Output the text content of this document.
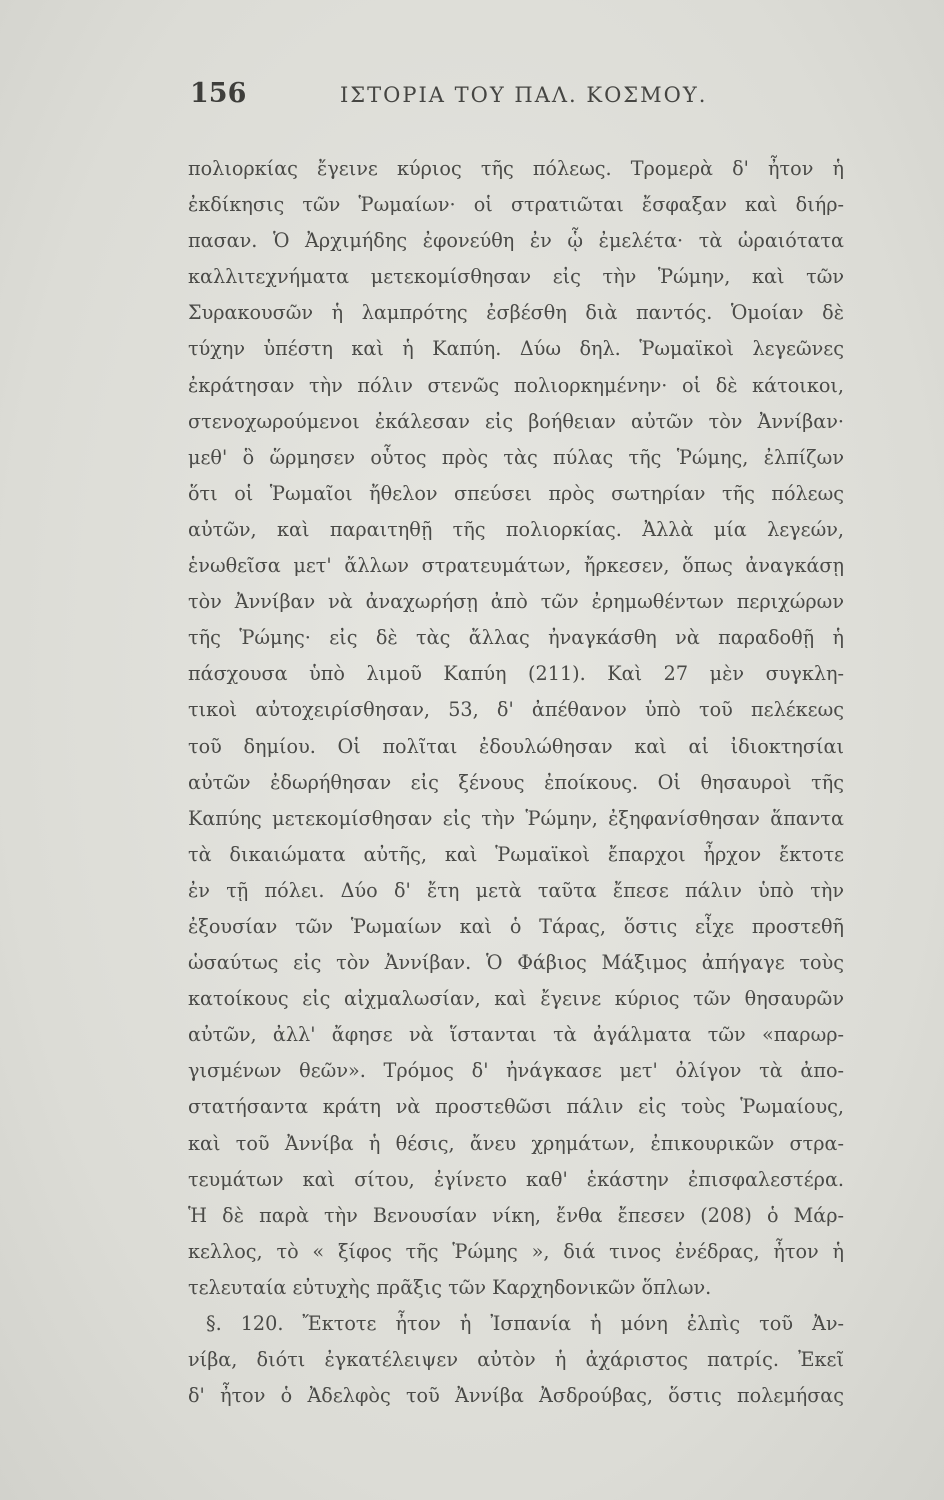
156	ΙΣΤΟΡΙΑ ΤΟΥ ΠΑΛ. ΚΟΣΜΟΥ.
πολιορκίας ἔγεινε κύριος τῆς πόλεως. Τρομερὰ δ' ἦτον ἡ
ἐκδίκησις τῶν Ῥωμαίων· οἱ στρατιῶται ἔσφαξαν καὶ διήρ-
πασαν. Ὁ Ἀρχιμήδης ἐφονεύθη ἐν ᾧ ἐμελέτα· τὰ ὡραιότατα
καλλιτεχνήματα μετεκομίσθησαν εἰς τὴν Ῥώμην, καὶ τῶν
Συρακουσῶν ἡ λαμπρότης ἐσβέσθη διὰ παντός. Ὁμοίαν δὲ
τύχην ὑπέστη καὶ ἡ Καπύη. Δύω δηλ. Ῥωμαϊκοὶ λεγεῶνες
ἐκράτησαν τὴν πόλιν στενῶς πολιορκημένην· οἱ δὲ κάτοικοι,
στενοχωρούμενοι ἐκάλεσαν εἰς βοήθειαν αὐτῶν τὸν Ἀννίβαν·
μεθ' ὃ ὥρμησεν οὗτος πρὸς τὰς πύλας τῆς Ῥώμης, ἐλπίζων
ὅτι οἱ Ῥωμαῖοι ἤθελον σπεύσει πρὸς σωτηρίαν τῆς πόλεως
αὐτῶν, καὶ παραιτηθῇ τῆς πολιορκίας. Ἀλλὰ μία λεγεών,
ἑνωθεῖσα μετ' ἄλλων στρατευμάτων, ἤρκεσεν, ὅπως ἀναγκάσῃ
τὸν Ἀννίβαν νὰ ἀναχωρήσῃ ἀπὸ τῶν ἐρημωθέντων περιχώρων
τῆς Ῥώμης· εἰς δὲ τὰς ἄλλας ἠναγκάσθη νὰ παραδοθῇ ἡ
πάσχουσα ὑπὸ λιμοῦ Καπύη (211). Καὶ 27 μὲν συγκλη-
τικοὶ αὐτοχειρίσθησαν, 53, δ' ἀπέθανον ὑπὸ τοῦ πελέκεως
τοῦ δημίου. Οἱ πολῖται ἐδουλώθησαν καὶ αἱ ἰδιοκτησίαι
αὐτῶν ἐδωρήθησαν εἰς ξένους ἐποίκους. Οἱ θησαυροὶ τῆς
Καπύης μετεκομίσθησαν εἰς τὴν Ῥώμην, ἐξηφανίσθησαν ἅπαντα
τὰ δικαιώματα αὐτῆς, καὶ Ῥωμαϊκοὶ ἔπαρχοι ἦρχον ἔκτοτε
ἐν τῇ πόλει. Δύο δ' ἔτη μετὰ ταῦτα ἔπεσε πάλιν ὑπὸ τὴν
ἐξουσίαν τῶν Ῥωμαίων καὶ ὁ Τάρας, ὅστις εἶχε προστεθῆ
ὡσαύτως εἰς τὸν Ἀννίβαν. Ὁ Φάβιος Μάξιμος ἀπήγαγε τοὺς
κατοίκους εἰς αἰχμαλωσίαν, καὶ ἔγεινε κύριος τῶν θησαυρῶν
αὐτῶν, ἀλλ' ἄφησε νὰ ἵστανται τὰ ἀγάλματα τῶν «παρωρ-
γισμένων θεῶν». Τρόμος δ' ἠνάγκασε μετ' ὀλίγον τὰ ἀπο-
στατήσαντα κράτη νὰ προστεθῶσι πάλιν εἰς τοὺς Ῥωμαίους,
καὶ τοῦ Ἀννίβα ἡ θέσις, ἄνευ χρημάτων, ἐπικουρικῶν στρα-
τευμάτων καὶ σίτου, ἐγίνετο καθ' ἑκάστην ἐπισφαλεστέρα.
Ἡ δὲ παρὰ τὴν Βενουσίαν νίκη, ἔνθα ἔπεσεν (208) ὁ Μάρ-
κελλος, τὸ « ξίφος τῆς Ῥώμης », διά τινος ἐνέδρας, ἦτον ἡ
τελευταία εὐτυχὴς πρᾶξις τῶν Καρχηδονικῶν ὅπλων.
§. 120. Ἔκτοτε ἦτον ἡ Ἰσπανία ἡ μόνη ἐλπὶς τοῦ Ἀν-
νίβα, διότι ἐγκατέλειψεν αὐτὸν ἡ ἀχάριστος πατρίς. Ἐκεῖ
δ' ἦτον ὁ Ἀδελφὸς τοῦ Ἀννίβα Ἀσδρούβας, ὅστις πολεμήσας
